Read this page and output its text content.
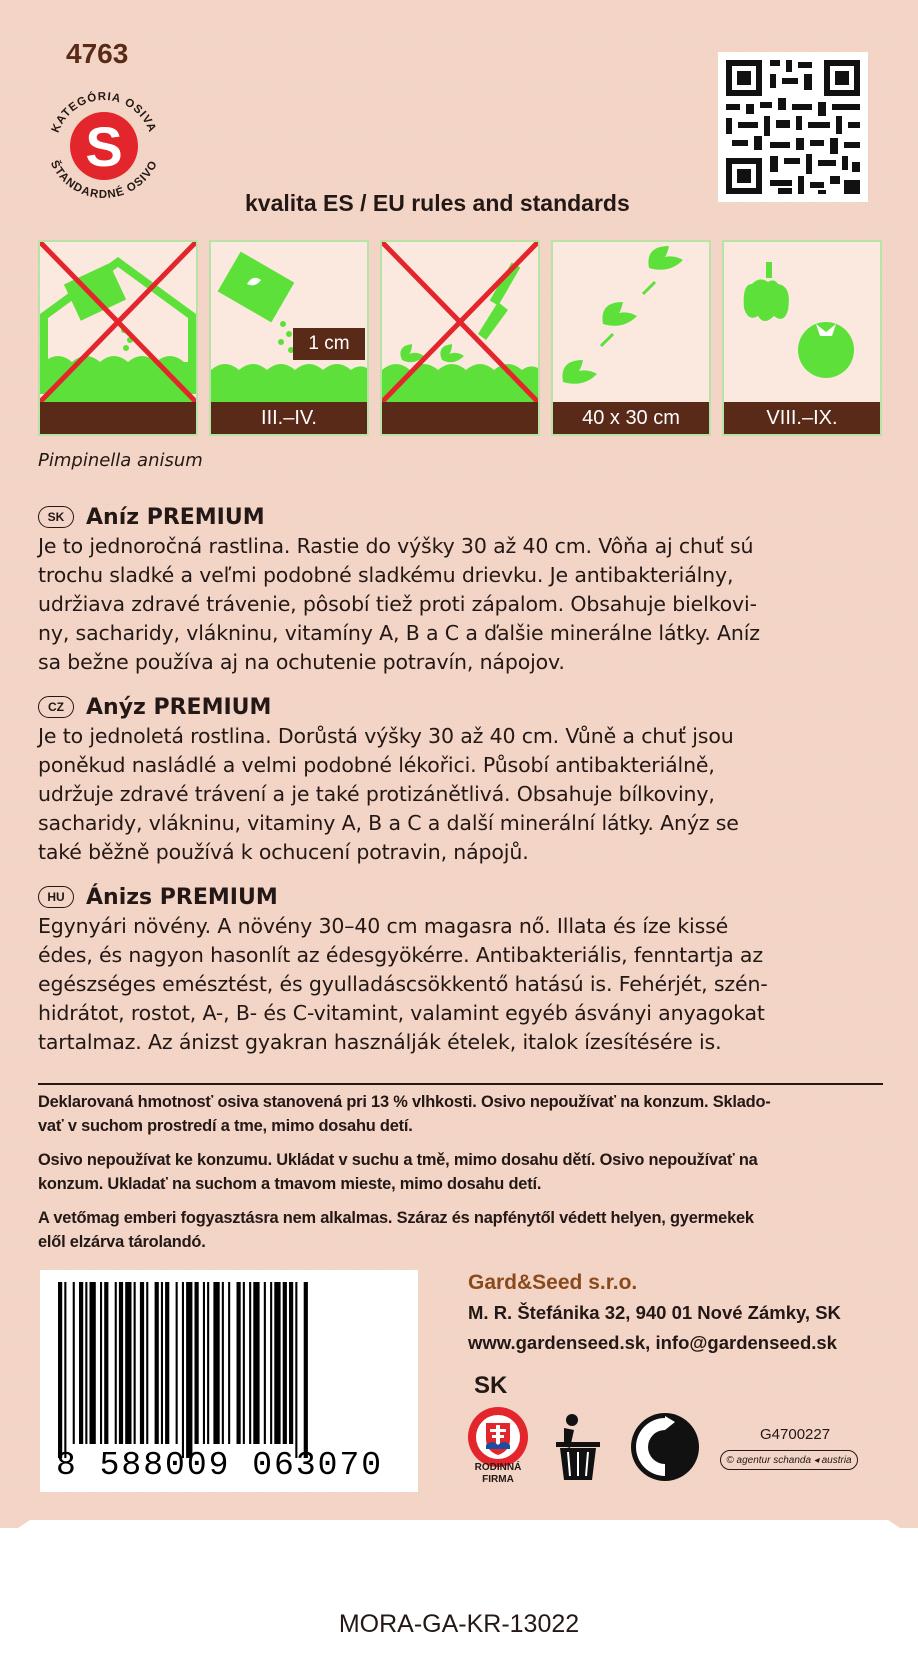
4763
KATEGÓRIA OSIVA
ŠTANDARDNÉ OSIVO
S
kvalita ES / EU rules and standards
1 cm
III.–IV.	40 x 30 cm	VIII.–IX.
Pimpinella anisum
SK Aníz PREMIUM
Je to jednoročná rastlina. Rastie do výšky 30 až 40 cm. Vôňa aj chuť sú
trochu sladké a veľmi podobné sladkému drievku. Je antibakteriálny,
udržiava zdravé trávenie, pôsobí tiež proti zápalom. Obsahuje bielkovi-
ny, sacharidy, vlákninu, vitamíny A, B a C a ďalšie minerálne látky. Aníz
sa bežne používa aj na ochutenie potravín, nápojov.
CZ	Anýz PREMIUM
Je to jednoletá rostlina. Dorůstá výšky 30 až 40 cm. Vůně a chuť jsou
poněkud nasládlé a velmi podobné lékořici. Působí antibakteriálně,
udržuje zdravé trávení a je také protizánětlivá. Obsahuje bílkoviny,
sacharidy, vlákninu, vitaminy A, B a C a další minerální látky. Anýz se
také běžně používá k ochucení potravin, nápojů.
HU Ánizs PREMIUM
Egynyári növény. A növény 30–40 cm magasra nő. Illata és íze kissé
édes, és nagyon hasonlít az édesgyökérre. Antibakteriális, fenntartja az
egészséges emésztést, és gyulladáscsökkentő hatású is. Fehérjét, szén-
hidrátot, rostot, A-, B- és C-vitamint, valamint egyéb ásványi anyagokat
tartalmaz. Az ánizst gyakran használják ételek, italok ízesítésére is.
Deklarovaná hmotnosť osiva stanovená pri 13 % vlhkosti. Osivo nepoužívať na konzum. Sklado-
vať v suchom prostredí a tme, mimo dosahu detí.
Osivo nepoužívat ke konzumu. Ukládat v suchu a tmě, mimo dosahu dětí. Osivo nepoužívať na
konzum. Ukladať na suchom a tmavom mieste, mimo dosahu detí.
A vetőmag emberi fogyasztásra nem alkalmas. Száraz és napfénytől védett helyen, gyermekek
elől elzárva tárolandó.
8 588009 063070
Gard&Seed s.r.o.
M. R. Štefánika 32, 940 01 Nové Zámky, SK
www.gardenseed.sk, info@gardenseed.sk
SK
RODINNÁ
FIRMA
G4700227
© agentur schanda ◂ austria
MORA-GA-KR-13022
